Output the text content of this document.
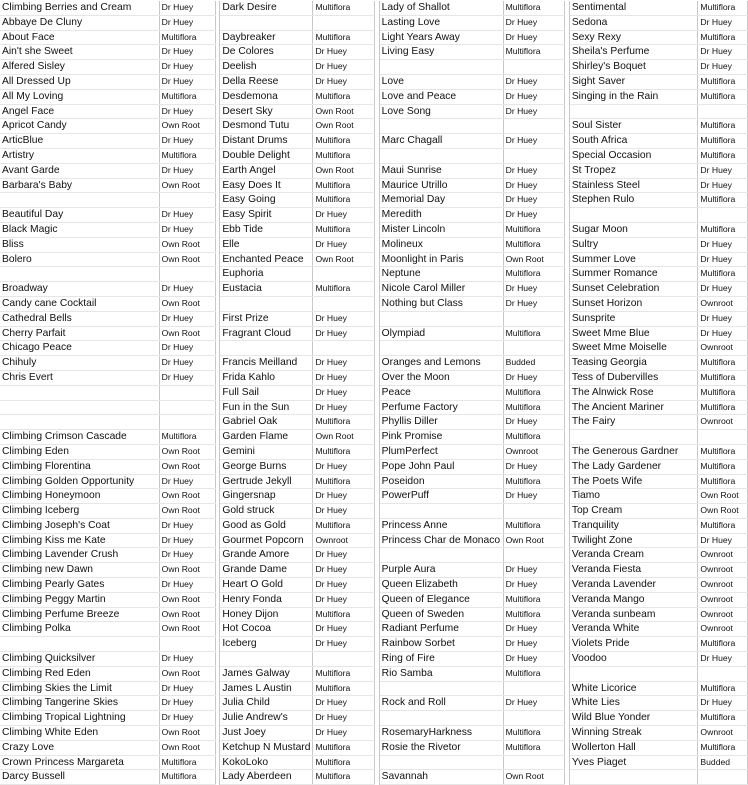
Climbing Berries and Cream	Dr Huey		Dark Desire	Multiflora		Lady of Shallot	Multiflora		Sentimental	Multiflora
Abbaye De Cluny	Dr Huey					Lasting Love	Dr Huey		Sedona	Dr Huey
About Face	Multiflora		Daybreaker	Multiflora		Light Years Away	Dr Huey		Sexy Rexy	Multiflora
Ain't she Sweet	Dr Huey		De Colores	Dr Huey		Living Easy	Multiflora		Sheila's Perfume	Dr Huey
Alfered Sisley	Dr Huey		Deelish	Dr Huey					Shirley's Boquet	Dr Huey
All Dressed Up	Dr Huey		Della Reese	Dr Huey		Love	Dr Huey		Sight Saver	Multiflora
All My Loving	Multiflora		Desdemona	Multiflora		Love and Peace	Dr Huey		Singing in the Rain	Multiflora
Angel Face	Dr Huey		Desert Sky	Own Root		Love Song	Dr Huey			
Apricot Candy	Own Root		Desmond Tutu	Own Root					Soul Sister	Multiflora
ArticBlue	Dr Huey		Distant Drums	Multiflora		Marc Chagall	Dr Huey		South Africa	Multiflora
Artistry	Multiflora		Double Delight	Multiflora					Special Occasion	Multiflora
Avant Garde	Dr Huey		Earth Angel	Own Root		Maui Sunrise	Dr Huey		St Tropez	Dr Huey
Barbara's Baby	Own Root		Easy Does It	Multiflora		Maurice Utrillo	Dr Huey		Stainless Steel	Dr Huey
			Easy Going	Multiflora		Memorial Day	Dr Huey		Stephen Rulo	Multiflora
Beautiful Day	Dr Huey		Easy Spirit	Dr Huey		Meredith	Dr Huey			
Black Magic	Dr Huey		Ebb Tide	Multiflora		Mister Lincoln	Multiflora		Sugar Moon	Multiflora
Bliss	Own Root		Elle	Dr Huey		Molineux	Multiflora		Sultry	Dr Huey
Bolero	Own Root		Enchanted Peace	Own Root		Moonlight in Paris	Own Root		Summer Love	Dr Huey
			Euphoria			Neptune	Multiflora		Summer Romance	Multiflora
Broadway	Dr Huey		Eustacia	Multiflora		Nicole Carol Miller	Dr Huey		Sunset Celebration	Dr Huey
Candy cane Cocktail	Own Root					Nothing but Class	Dr Huey		Sunset Horizon	Ownroot
Cathedral Bells	Dr Huey		First Prize	Dr Huey					Sunsprite	Dr Huey
Cherry Parfait	Own Root		Fragrant Cloud	Dr Huey		Olympiad	Multiflora		Sweet Mme Blue	Dr Huey
Chicago Peace	Dr Huey								Sweet Mme Moiselle	Ownroot
Chihuly	Dr Huey		Francis Meilland	Dr Huey		Oranges and Lemons	Budded		Teasing Georgia	Multiflora
Chris Evert	Dr Huey		Frida Kahlo	Dr Huey		Over the Moon	Dr Huey		Tess of Dubervilles	Multiflora
			Full Sail	Dr Huey		Peace	Multiflora		The Alnwick Rose	Multiflora
			Fun in the Sun	Dr Huey		Perfume Factory	Multiflora		The Ancient Mariner	Multiflora
			Gabriel Oak	Multiflora		Phyllis Diller	Dr Huey		The Fairy	Ownroot
Climbing Crimson Cascade	Multiflora		Garden Flame	Own Root		Pink Promise	Multiflora			
Climbing Eden	Own Root		Gemini	Multiflora		PlumPerfect	Ownroot		The Generous Gardner	Multiflora
Climbing Florentina	Own Root		George Burns	Dr Huey		Pope John Paul	Dr Huey		The Lady Gardener	Multiflora
Climbing Golden Opportunity	Dr Huey		Gertrude Jekyll	Multiflora		Poseidon	Multiflora		The Poets Wife	Multiflora
Climbing Honeymoon	Own Root		Gingersnap	Dr Huey		PowerPuff	Dr Huey		Tiamo	Own Root
Climbing Iceberg	Own Root		Gold struck	Dr Huey					Top Cream	Own Root
Climbing Joseph's Coat	Dr Huey		Good as Gold	Multiflora		Princess Anne	Multiflora		Tranquility	Multiflora
Climbing Kiss me Kate	Dr Huey		Gourmet Popcorn	Ownroot		Princess Char de Monaco	Own Root		Twilight Zone	Dr Huey
Climbing Lavender Crush	Dr Huey		Grande Amore	Dr Huey					Veranda Cream	Ownroot
Climbing new Dawn	Own Root		Grande Dame	Dr Huey		Purple Aura	Dr Huey		Veranda Fiesta	Ownroot
Climbing Pearly Gates	Dr Huey		Heart O Gold	Dr Huey		Queen Elizabeth	Dr Huey		Veranda Lavender	Ownroot
Climbing Peggy Martin	Own Root		Henry Fonda	Dr Huey		Queen of Elegance	Multiflora		Veranda Mango	Ownroot
Climbing Perfume Breeze	Own Root		Honey Dijon	Multiflora		Queen of Sweden	Multiflora		Veranda sunbeam	Ownroot
Climbing Polka	Own Root		Hot Cocoa	Dr Huey		Radiant Perfume	Dr Huey		Veranda White	Ownroot
			Iceberg	Dr Huey		Rainbow Sorbet	Dr Huey		Violets Pride	Multiflora
Climbing Quicksilver	Dr Huey					Ring of Fire	Dr Huey		Voodoo	Dr Huey
Climbing Red Eden	Own Root		James Galway	Multiflora		Rio Samba	Multiflora			
Climbing Skies the Limit	Dr Huey		James L Austin	Multiflora					White Licorice	Multiflora
Climbing Tangerine Skies	Dr Huey		Julia Child	Dr Huey		Rock and Roll	Dr Huey		White Lies	Dr Huey
Climbing Tropical Lightning	Dr Huey		Julie Andrew's	Dr Huey					Wild Blue Yonder	Multiflora
Climbing White Eden	Own Root		Just Joey	Dr Huey		RosemaryHarkness	Multiflora		Winning Streak	Ownroot
Crazy Love	Own Root		Ketchup N Mustard	Multiflora		Rosie the Rivetor	Multiflora		Wollerton Hall	Multiflora
Crown Princess Margareta	Multiflora		KokoLoko	Multiflora					Yves Piaget	Budded
Darcy Bussell	Multiflora		Lady Aberdeen	Multiflora		Savannah	Own Root			
